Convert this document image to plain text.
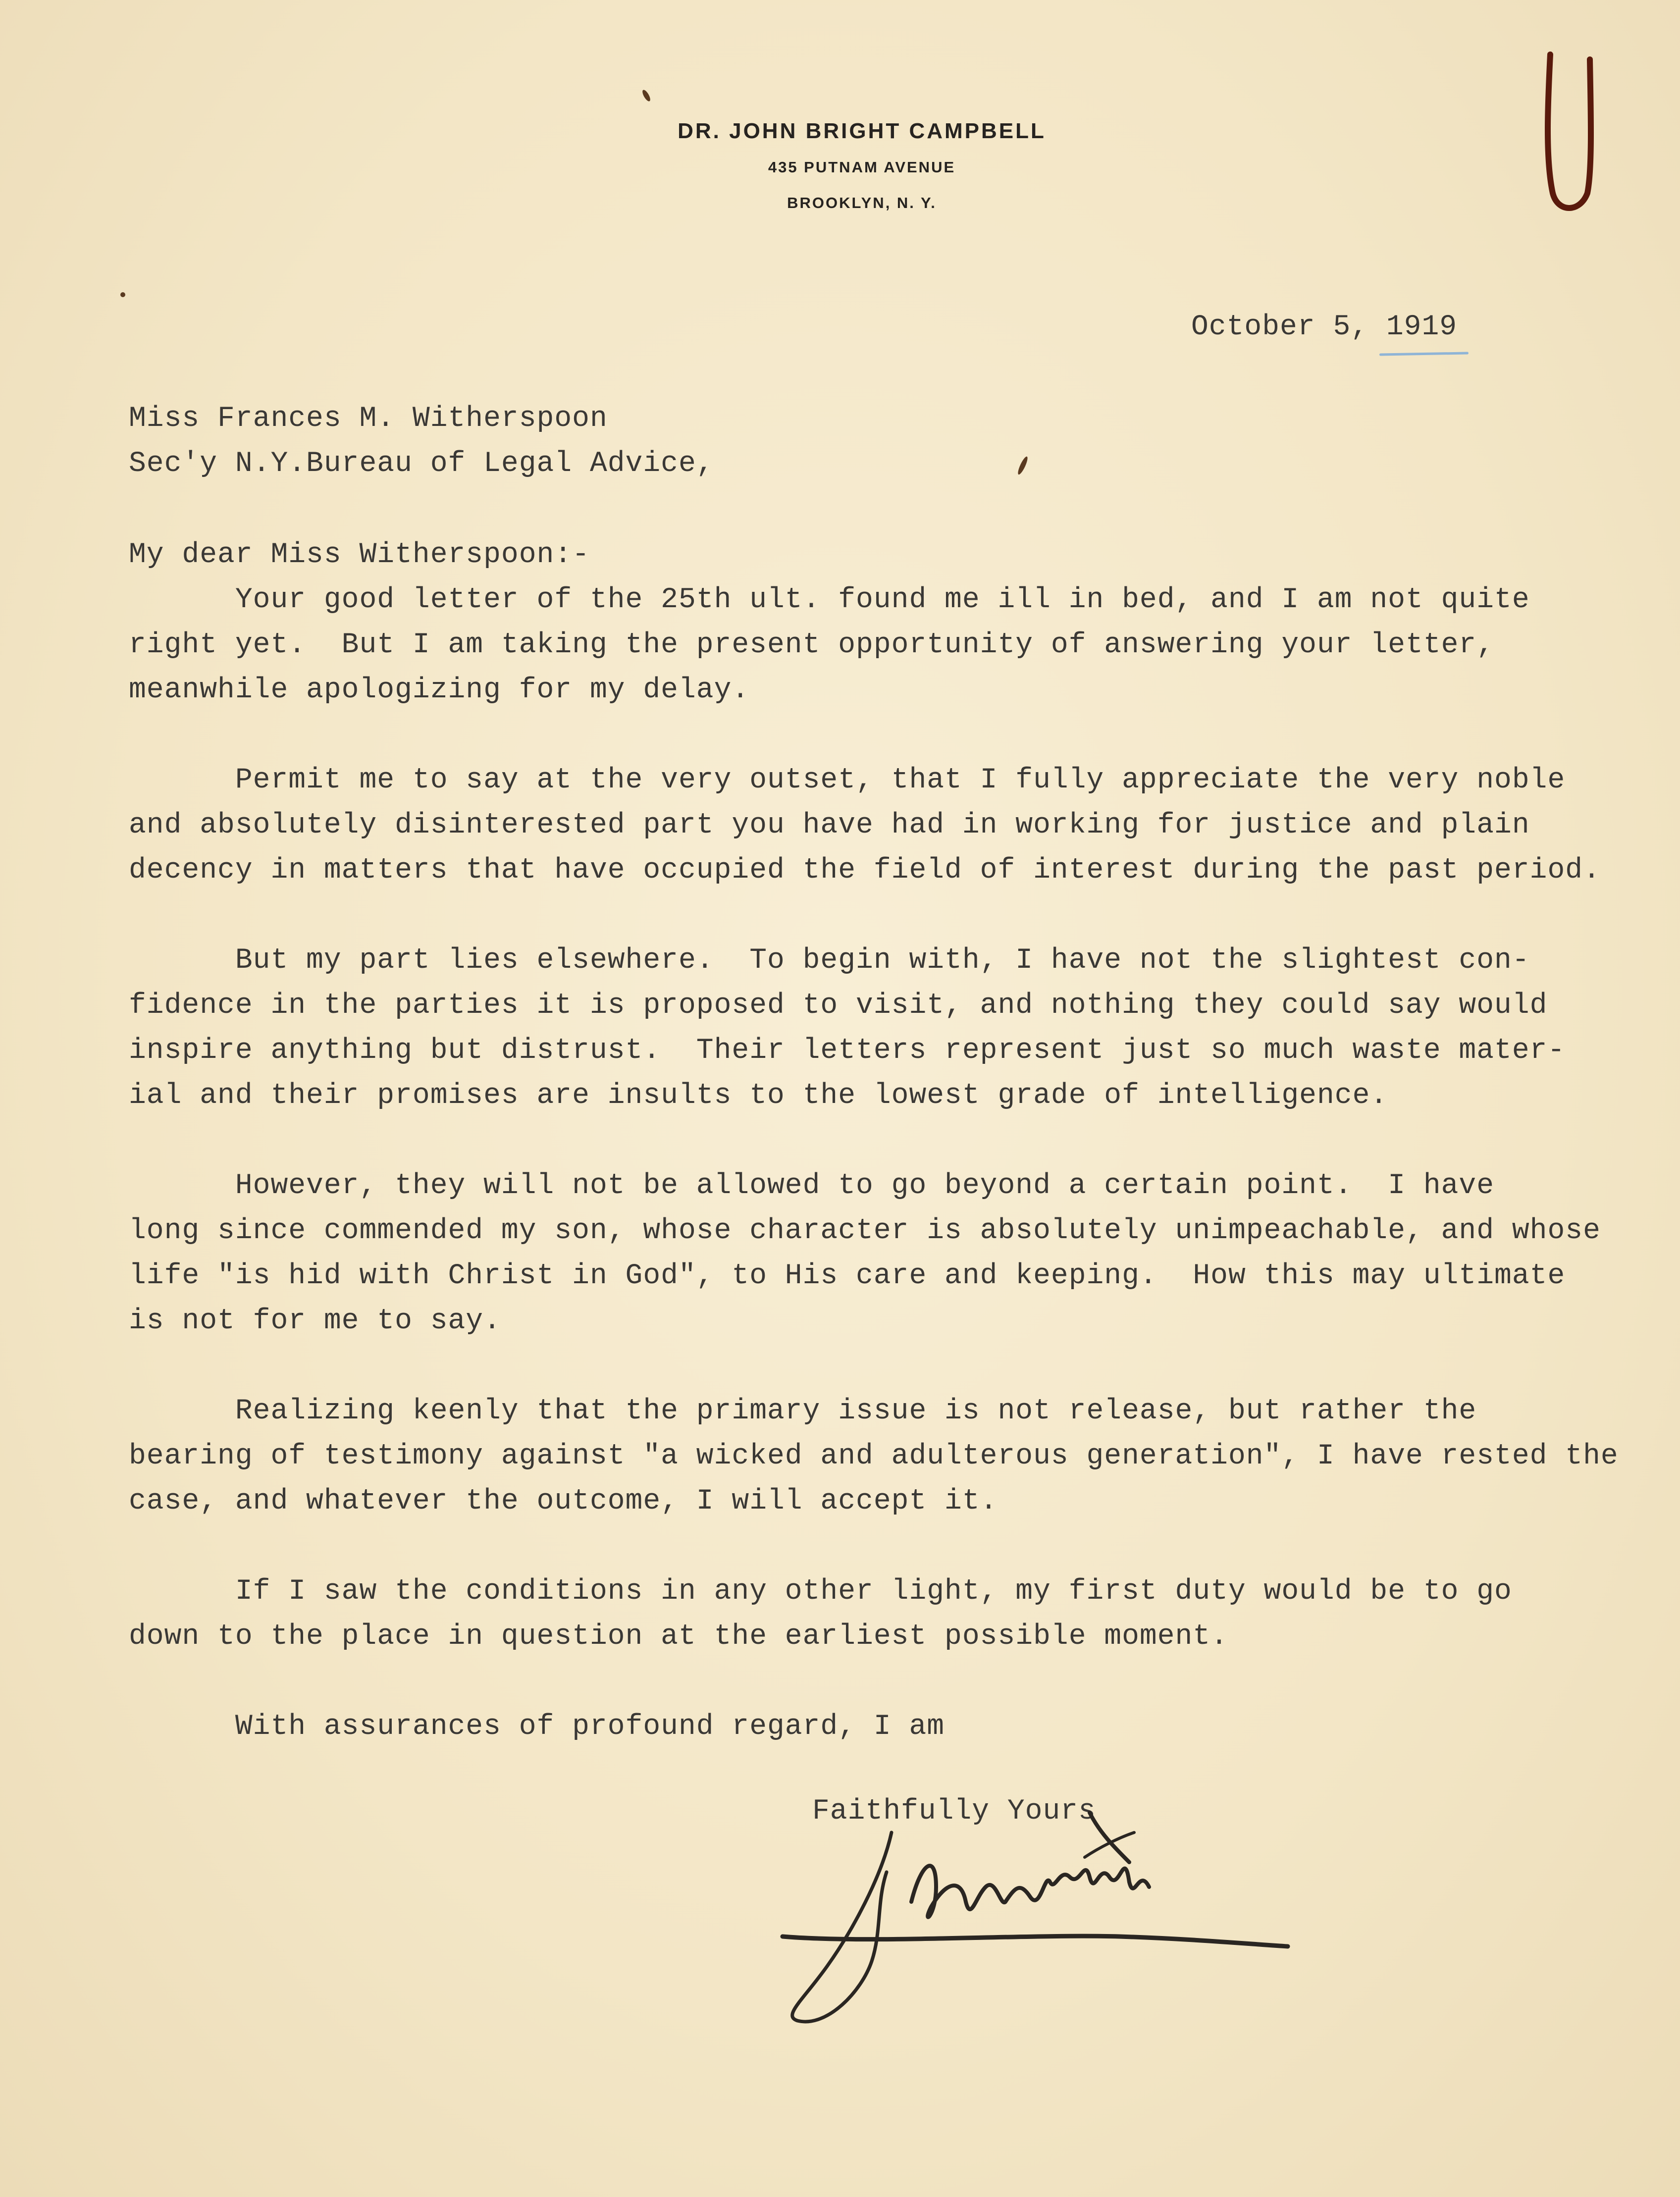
DR. JOHN BRIGHT CAMPBELL
435 PUTNAM AVENUE
BROOKLYN, N. Y.
October 5, 1919
Miss Frances M. Witherspoon
Sec'y N.Y.Bureau of Legal Advice,
My dear Miss Witherspoon:-
Your good letter of the 25th ult. found me ill in bed, and I am not quite
right yet.  But I am taking the present opportunity of answering your letter,
meanwhile apologizing for my delay.

Permit me to say at the very outset, that I fully appreciate the very noble
and absolutely disinterested part you have had in working for justice and plain
decency in matters that have occupied the field of interest during the past period.

But my part lies elsewhere.  To begin with, I have not the slightest con-
fidence in the parties it is proposed to visit, and nothing they could say would
inspire anything but distrust.  Their letters represent just so much waste mater-
ial and their promises are insults to the lowest grade of intelligence.

However, they will not be allowed to go beyond a certain point.  I have
long since commended my son, whose character is absolutely unimpeachable, and whose
life "is hid with Christ in God", to His care and keeping.  How this may ultimate
is not for me to say.

Realizing keenly that the primary issue is not release, but rather the
bearing of testimony against "a wicked and adulterous generation", I have rested the
case, and whatever the outcome, I will accept it.

If I saw the conditions in any other light, my first duty would be to go
down to the place in question at the earliest possible moment.

With assurances of profound regard, I am
Faithfully Yours
